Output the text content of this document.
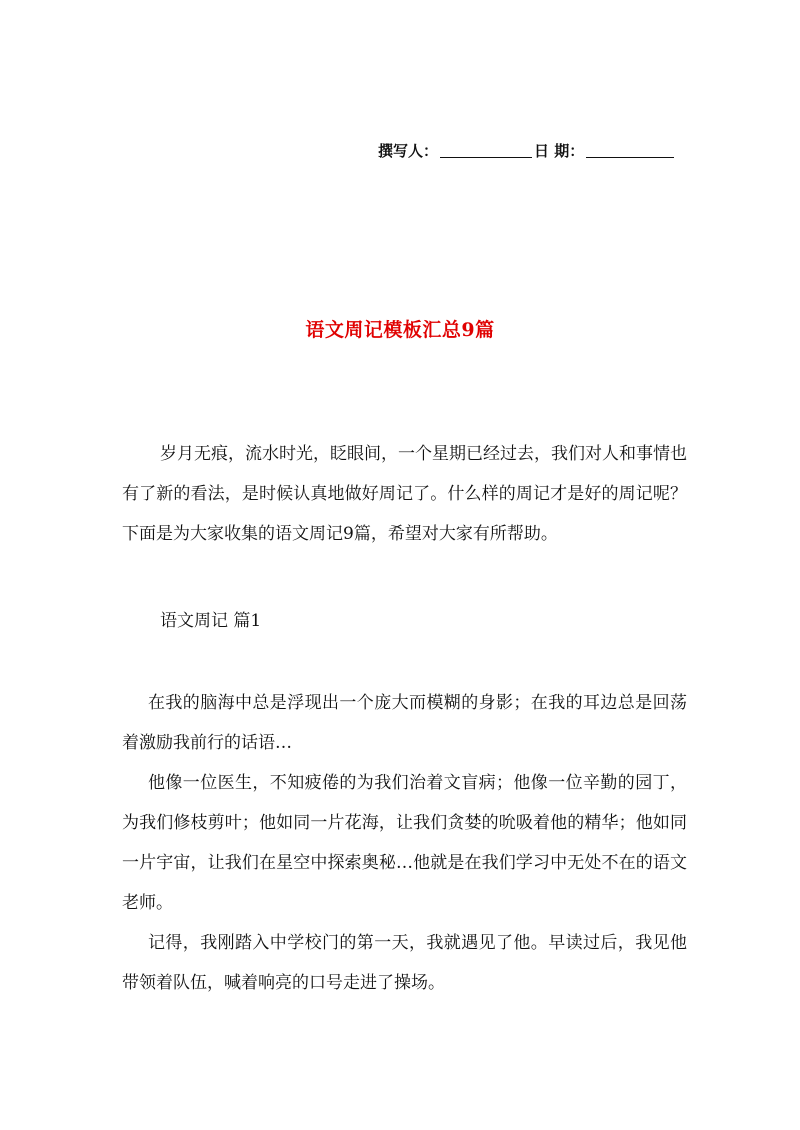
撰写人：	日 期：
语文周记模板汇总9篇
岁月无痕，流水时光，眨眼间，一个星期已经过去，我们对人和事情也有了新的看法，是时候认真地做好周记了。什么样的周记才是好的周记呢？下面是为大家收集的语文周记9篇，希望对大家有所帮助。
语文周记 篇1
在我的脑海中总是浮现出一个庞大而模糊的身影；在我的耳边总是回荡着激励我前行的话语…
他像一位医生，不知疲倦的为我们治着文盲病；他像一位辛勤的园丁，为我们修枝剪叶；他如同一片花海，让我们贪婪的吮吸着他的精华；他如同一片宇宙，让我们在星空中探索奥秘…他就是在我们学习中无处不在的语文老师。
记得，我刚踏入中学校门的第一天，我就遇见了他。早读过后，我见他带领着队伍，喊着响亮的口号走进了操场。
